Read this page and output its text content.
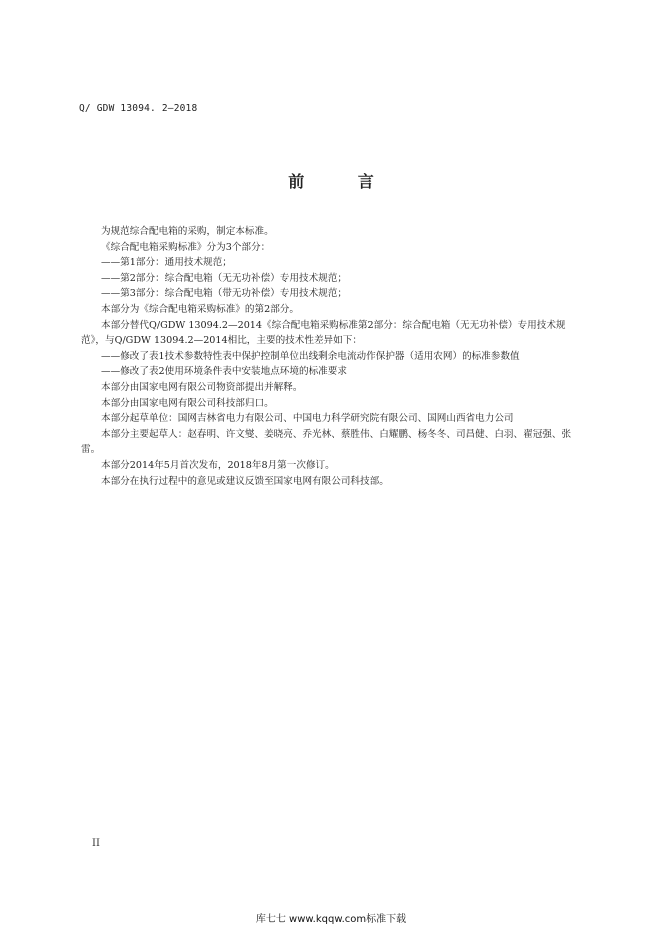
Q/ GDW 13094. 2—2018
前 言

为规范综合配电箱的采购，制定本标准。

《综合配电箱采购标准》分为3个部分：

——第1部分：通用技术规范；

——第2部分：综合配电箱（无无功补偿）专用技术规范；

——第3部分：综合配电箱（带无功补偿）专用技术规范；

本部分为《综合配电箱采购标准》的第2部分。

本部分替代Q/GDW 13094.2—2014《综合配电箱采购标准第2部分：综合配电箱（无无功补偿）专用技术规范》，与Q/GDW 13094.2—2014相比，主要的技术性差异如下：

——修改了表1技术参数特性表中保护控制单位出线剩余电流动作保护器（适用农网）的标准参数值

——修改了表2使用环境条件表中安装地点环境的标准要求

本部分由国家电网有限公司物资部提出并解释。

本部分由国家电网有限公司科技部归口。

本部分起草单位：国网吉林省电力有限公司、中国电力科学研究院有限公司、国网山西省电力公司

本部分主要起草人：赵春明、许文燮、姜晓亮、乔光林、蔡胜伟、白耀鹏、杨冬冬、司昌健、白羽、翟冠强、张雷。

本部分2014年5月首次发布，2018年8月第一次修订。

本部分在执行过程中的意见或建议反馈至国家电网有限公司科技部。

II
库七七 www.kqqw.com标准下载
